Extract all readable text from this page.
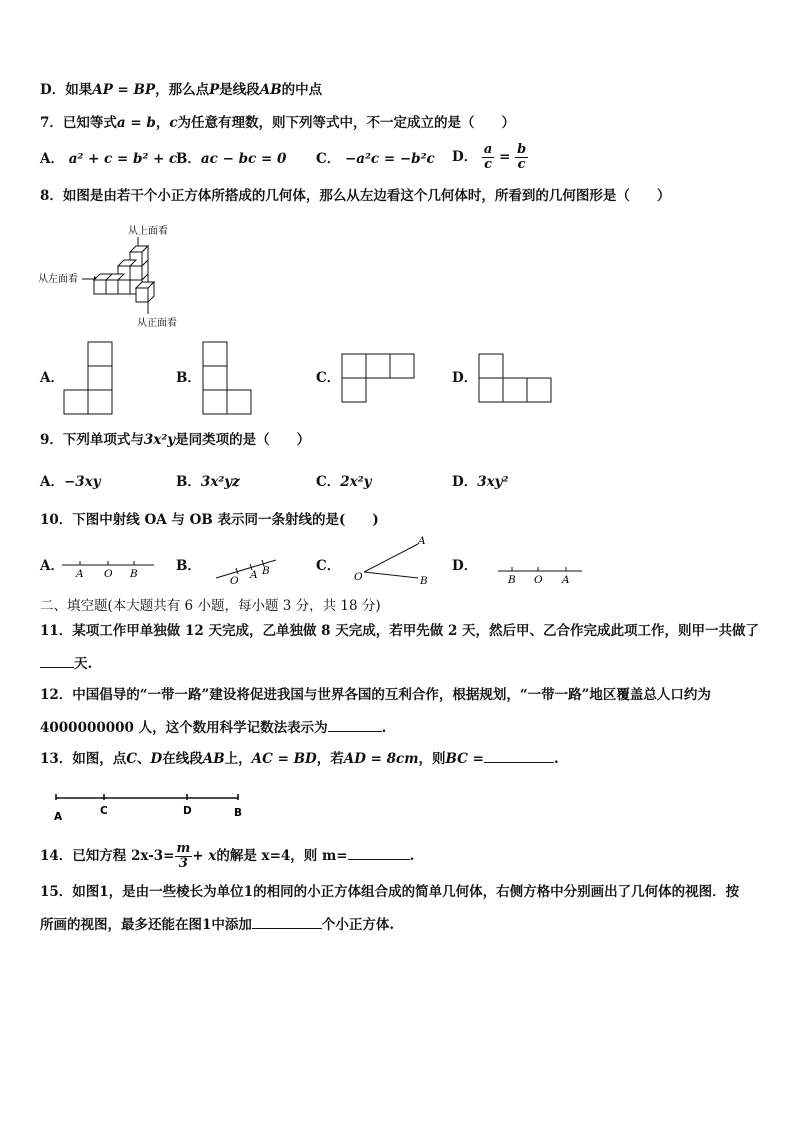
D．如果AP = BP，那么点P是线段AB的中点
7．已知等式a = b，c为任意有理数，则下列等式中，不一定成立的是（　　）
A． a² + c = b² + c
B．ac − bc = 0 C． −a²c = −b²c D． $\frac{a}{c} = \frac{b}{c}$
8．如图是由若干个小正方体所搭成的几何体，那么从左边看这个几何体时，所看到的几何图形是（　　）
从上面看
从左面看
从正面看
A．	B．	C．	D．
9．下列单项式与3x²y是同类项的是（　　）
A．−3xy	B．3x²yz	C．2x²y	D．3xy²
10．下图中射线 OA 与 OB 表示同一条射线的是(　　)
A． A O B	B．
O A B	C．
O
A
B
D．
B O A
二、填空题(本大题共有 6 小题，每小题 3 分，共 18 分)
11．某项工作甲单独做 12 天完成，乙单独做 8 天完成，若甲先做 2 天，然后甲、乙合作完成此项工作，则甲一共做了
天.
12．中国倡导的“一带一路”建设将促进我国与世界各国的互利合作，根据规划，“一带一路”地区覆盖总人口约为
4000000000 人，这个数用科学记数法表示为	.
13．如图，点C、D在线段AB上，AC = BD，若AD = 8cm，则BC =	.
A	C	D	B
14．已知方程 $2x-3= \frac{m}{3} + x$的解是 x=4，则 m=	.
15．如图1，是由一些棱长为单位1的相同的小正方体组合成的简单几何体，右侧方格中分别画出了几何体的视图．按
所画的视图，最多还能在图1中添加	个小正方体.
